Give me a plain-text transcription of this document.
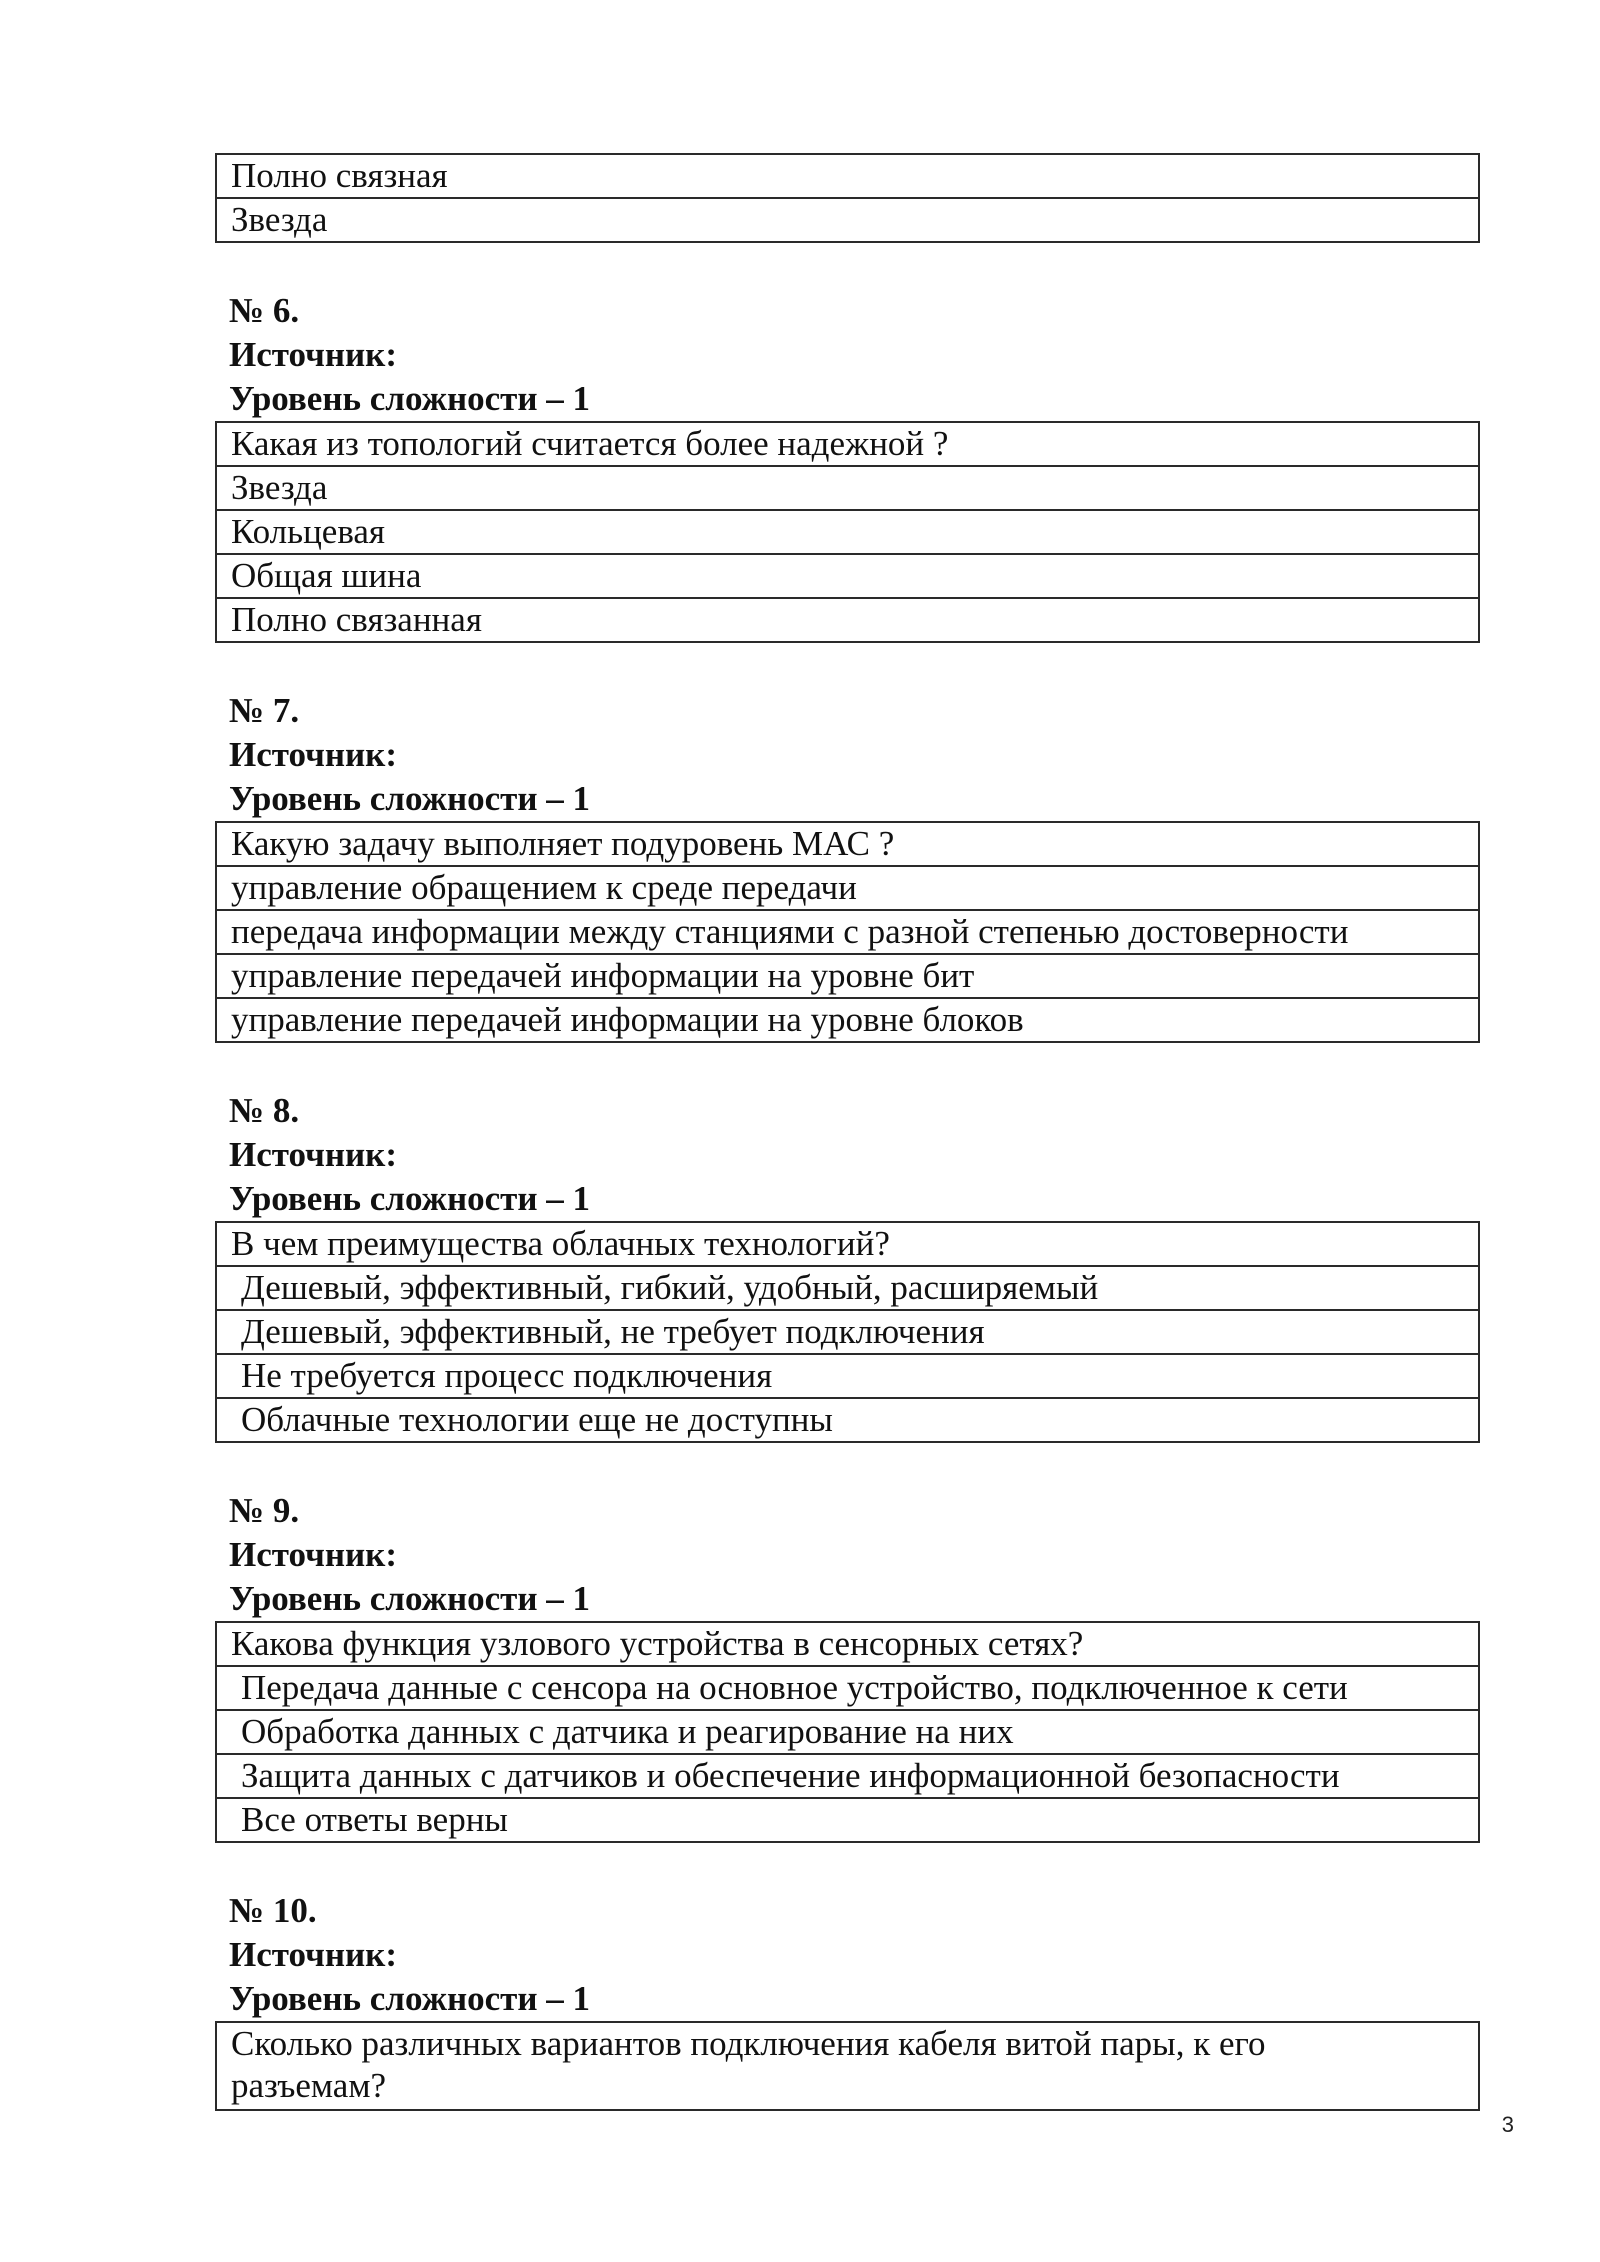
Полно связная
Звезда
№ 6.
Источник:
Уровень сложности – 1
Какая из топологий считается более надежной ?
Звезда
Кольцевая
Общая шина
Полно связанная
№ 7.
Источник:
Уровень сложности – 1
Какую задачу выполняет подуровень МАС ?
управление обращением к среде передачи
передача информации между станциями с разной степенью достоверности
управление передачей информации на уровне бит
управление передачей информации на уровне блоков
№ 8.
Источник:
Уровень сложности – 1
В чем преимущества облачных технологий?
Дешевый, эффективный, гибкий, удобный, расширяемый
Дешевый, эффективный, не требует подключения
Не требуется процесс подключения
Облачные технологии еще не доступны
№ 9.
Источник:
Уровень сложности – 1
Какова функция узлового устройства в сенсорных сетях?
Передача данные с сенсора на основное устройство, подключенное к сети
Обработка данных с датчика и реагирование на них
Защита данных с датчиков и обеспечение информационной безопасности
Все ответы верны
№ 10.
Источник:
Уровень сложности – 1
Сколько различных вариантов подключения кабеля витой пары, к его разъемам?
3
